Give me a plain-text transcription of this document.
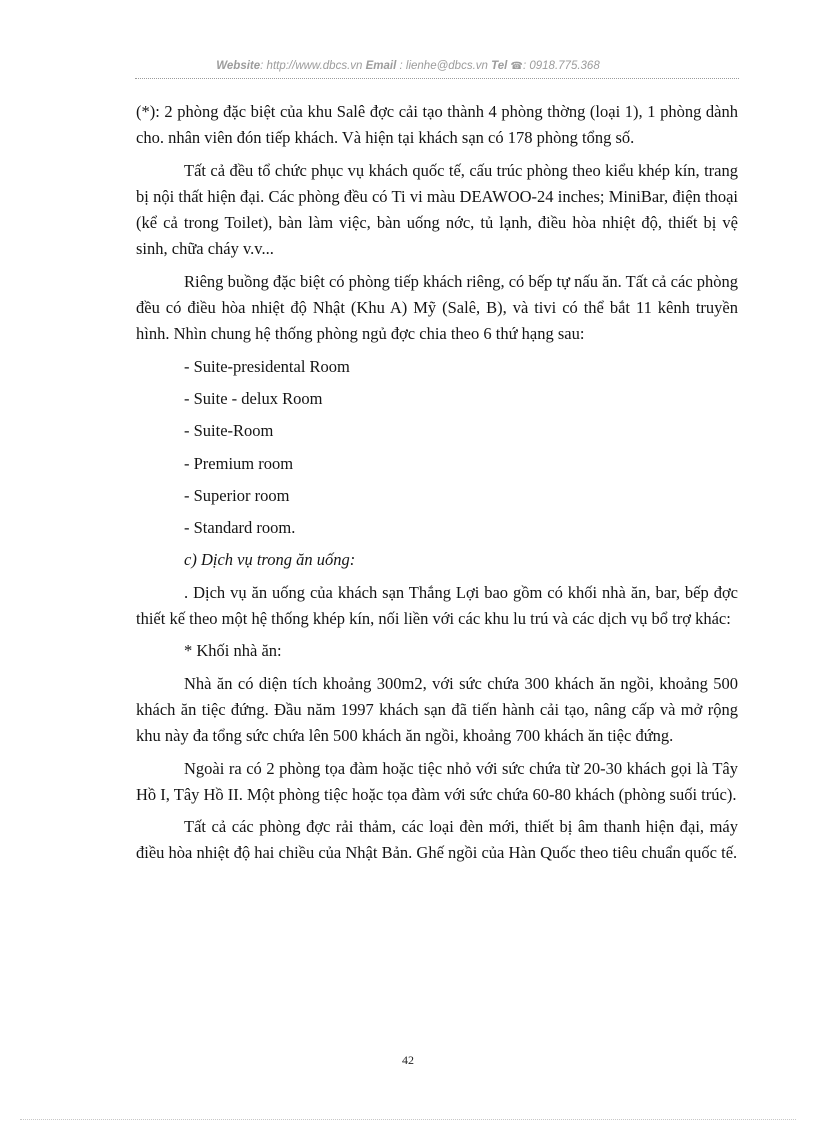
Website: http://www.dbcs.vn Email : lienhe@dbcs.vn Tel ☎: 0918.775.368

(*): 2 phòng đặc biệt của khu Salê đợc cải tạo thành 4 phòng thờng (loại 1), 1 phòng dành cho. nhân viên đón tiếp khách. Và hiện tại khách sạn có 178 phòng tổng số.

Tất cả đều tổ chức phục vụ khách quốc tế, cấu trúc phòng theo kiểu khép kín, trang bị nội thất hiện đại. Các phòng đều có Ti vi màu DEAWOO-24 inches; MiniBar, điện thoại (kể cả trong Toilet), bàn làm việc, bàn uống nớc, tủ lạnh, điều hòa nhiệt độ, thiết bị vệ sinh, chữa cháy v.v...

Riêng buồng đặc biệt có phòng tiếp khách riêng, có bếp tự nấu ăn. Tất cả các phòng đều có điều hòa nhiệt độ Nhật (Khu A) Mỹ (Salê, B), và tivi có thể bắt 11 kênh truyền hình. Nhìn chung hệ thống phòng ngủ đợc chia theo 6 thứ hạng sau:

- Suite-presidental Room

- Suite - delux Room

- Suite-Room

- Premium room

- Superior room

- Standard room.

c) Dịch vụ trong ăn uống:

. Dịch vụ ăn uống của khách sạn Thắng Lợi bao gồm có khối nhà ăn, bar, bếp đợc thiết kế theo một hệ thống khép kín, nối liền với các khu lu trú và các dịch vụ bổ trợ khác:

* Khối nhà ăn:

Nhà ăn có diện tích khoảng 300m2, với sức chứa 300 khách ăn ngồi, khoảng 500 khách ăn tiệc đứng. Đầu năm 1997 khách sạn đã tiến hành cải tạo, nâng cấp và mở rộng khu này đa tổng sức chứa lên 500 khách ăn ngồi, khoảng 700 khách ăn tiệc đứng.

Ngoài ra có 2 phòng tọa đàm hoặc tiệc nhỏ với sức chứa từ 20-30 khách gọi là Tây Hồ I, Tây Hồ II. Một phòng tiệc hoặc tọa đàm với sức chứa 60-80 khách (phòng suối trúc).

Tất cả các phòng đợc rải thảm, các loại đèn mới, thiết bị âm thanh hiện đại, máy điều hòa nhiệt độ hai chiều của Nhật Bản. Ghế ngồi của Hàn Quốc theo tiêu chuẩn quốc tế.

42
